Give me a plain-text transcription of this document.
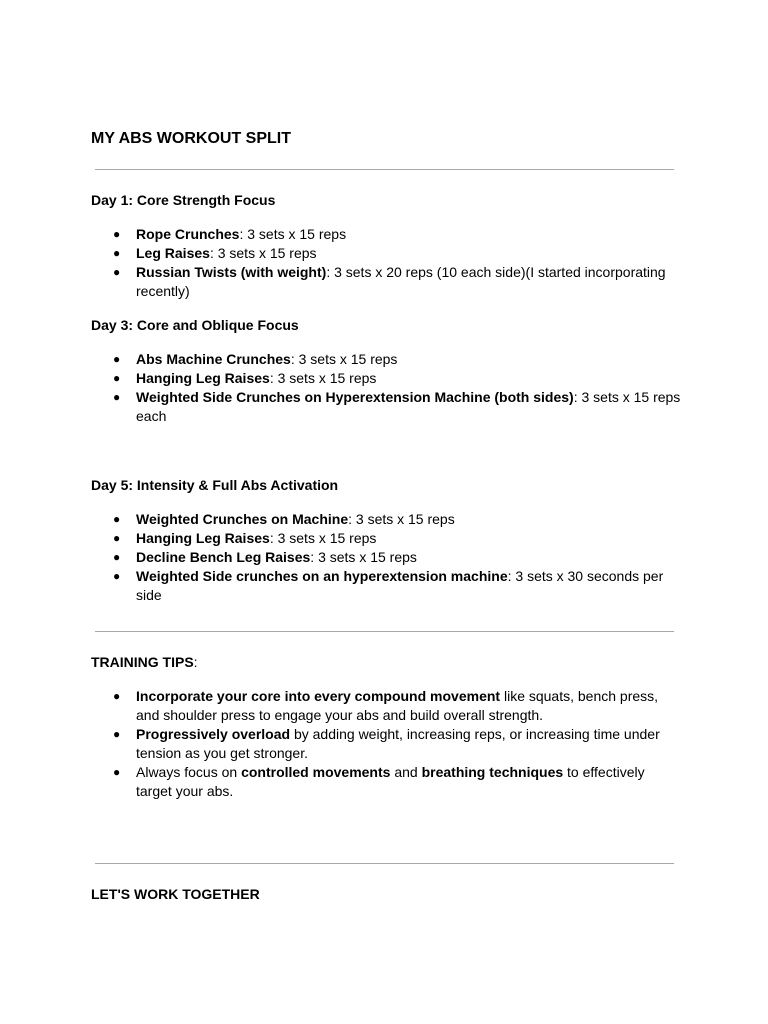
MY ABS WORKOUT SPLIT

Day 1: Core Strength Focus

● Rope Crunches: 3 sets x 15 reps
● Leg Raises: 3 sets x 15 reps
● Russian Twists (with weight): 3 sets x 20 reps (10 each side)(I started incorporating recently)

Day 3: Core and Oblique Focus

● Abs Machine Crunches: 3 sets x 15 reps
● Hanging Leg Raises: 3 sets x 15 reps
● Weighted Side Crunches on Hyperextension Machine (both sides): 3 sets x 15 reps each

Day 5: Intensity & Full Abs Activation

● Weighted Crunches on Machine: 3 sets x 15 reps
● Hanging Leg Raises: 3 sets x 15 reps
● Decline Bench Leg Raises: 3 sets x 15 reps
● Weighted Side crunches on an hyperextension machine: 3 sets x 30 seconds per side

TRAINING TIPS:

● Incorporate your core into every compound movement like squats, bench press, and shoulder press to engage your abs and build overall strength.
● Progressively overload by adding weight, increasing reps, or increasing time under tension as you get stronger.
● Always focus on controlled movements and breathing techniques to effectively target your abs.

LET'S WORK TOGETHER
